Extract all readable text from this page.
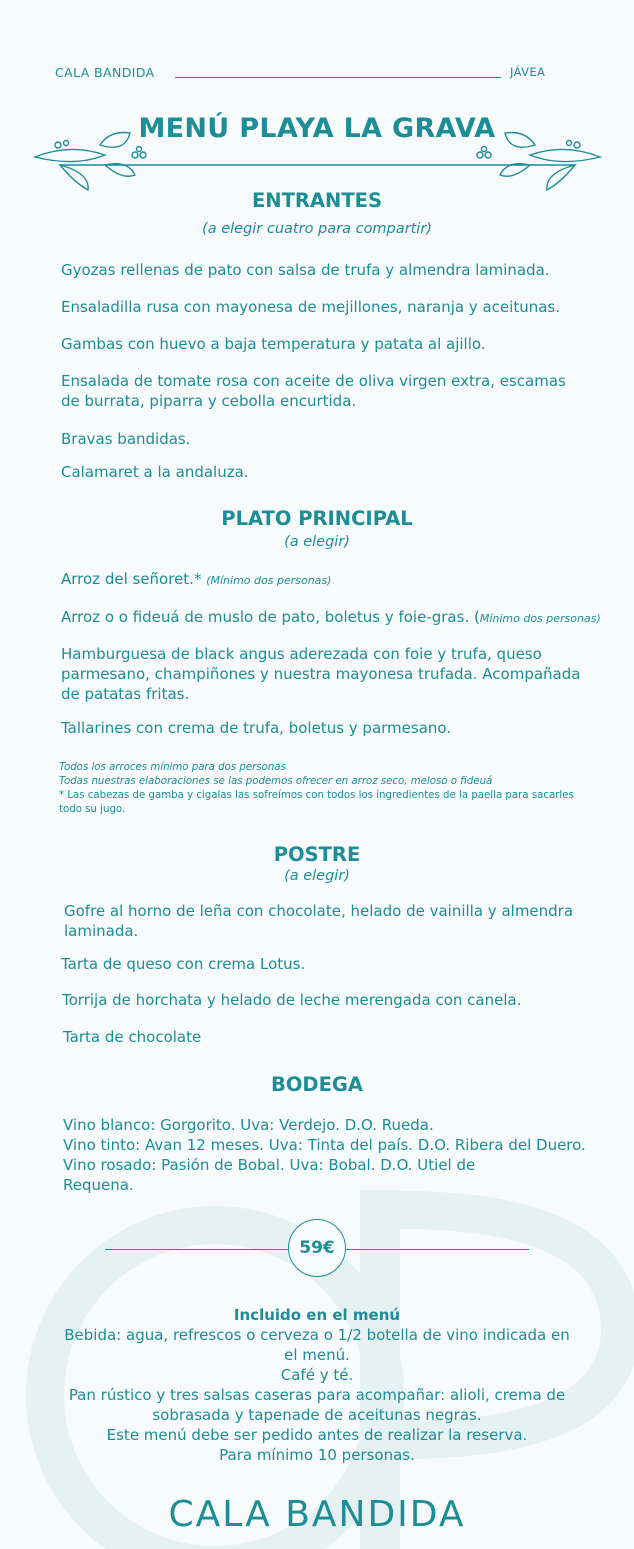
CALA BANDIDA	JÁVEA
MENÚ PLAYA LA GRAVA
ENTRANTES
(a elegir cuatro para compartir)
Gyozas rellenas de pato con salsa de trufa y almendra laminada.
Ensaladilla rusa con mayonesa de mejillones, naranja y aceitunas.
Gambas con huevo a baja temperatura y patata al ajillo.
Ensalada de tomate rosa con aceite de oliva virgen extra, escamas de burrata, piparra y cebolla encurtida.
Bravas bandidas.
Calamaret a la andaluza.
PLATO PRINCIPAL
(a elegir)
Arroz del señoret.* (Mínimo dos personas)
Arroz o o fideuá de muslo de pato, boletus y foie-gras. (Mínimo dos personas)
Hamburguesa de black angus aderezada con foie y trufa, queso parmesano, champiñones y nuestra mayonesa trufada. Acompañada de patatas fritas.
Tallarines con crema de trufa, boletus y parmesano.
Todos los arroces mínimo para dos personas
Todas nuestras elaboraciones se las podemos ofrecer en arroz seco, meloso o fideuá
* Las cabezas de gamba y cigalas las sofreímos con todos los ingredientes de la paella para sacarles todo su jugo.
POSTRE
(a elegir)
Gofre al horno de leña con chocolate, helado de vainilla y almendra laminada.
Tarta de queso con crema Lotus.
Torrija de horchata y helado de leche merengada con canela.
Tarta de chocolate
BODEGA
Vino blanco: Gorgorito. Uva: Verdejo. D.O. Rueda.
Vino tinto: Avan 12 meses. Uva: Tinta del país. D.O. Ribera del Duero.
Vino rosado: Pasión de Bobal. Uva: Bobal. D.O. Utiel de Requena.
59€
Incluido en el menú
Bebida: agua, refrescos o cerveza o 1/2 botella de vino indicada en el menú.
Café y té.
Pan rústico y tres salsas caseras para acompañar: alioli, crema de sobrasada y tapenade de aceitunas negras.
Este menú debe ser pedido antes de realizar la reserva.
Para mínimo 10 personas.
CALA BANDIDA
